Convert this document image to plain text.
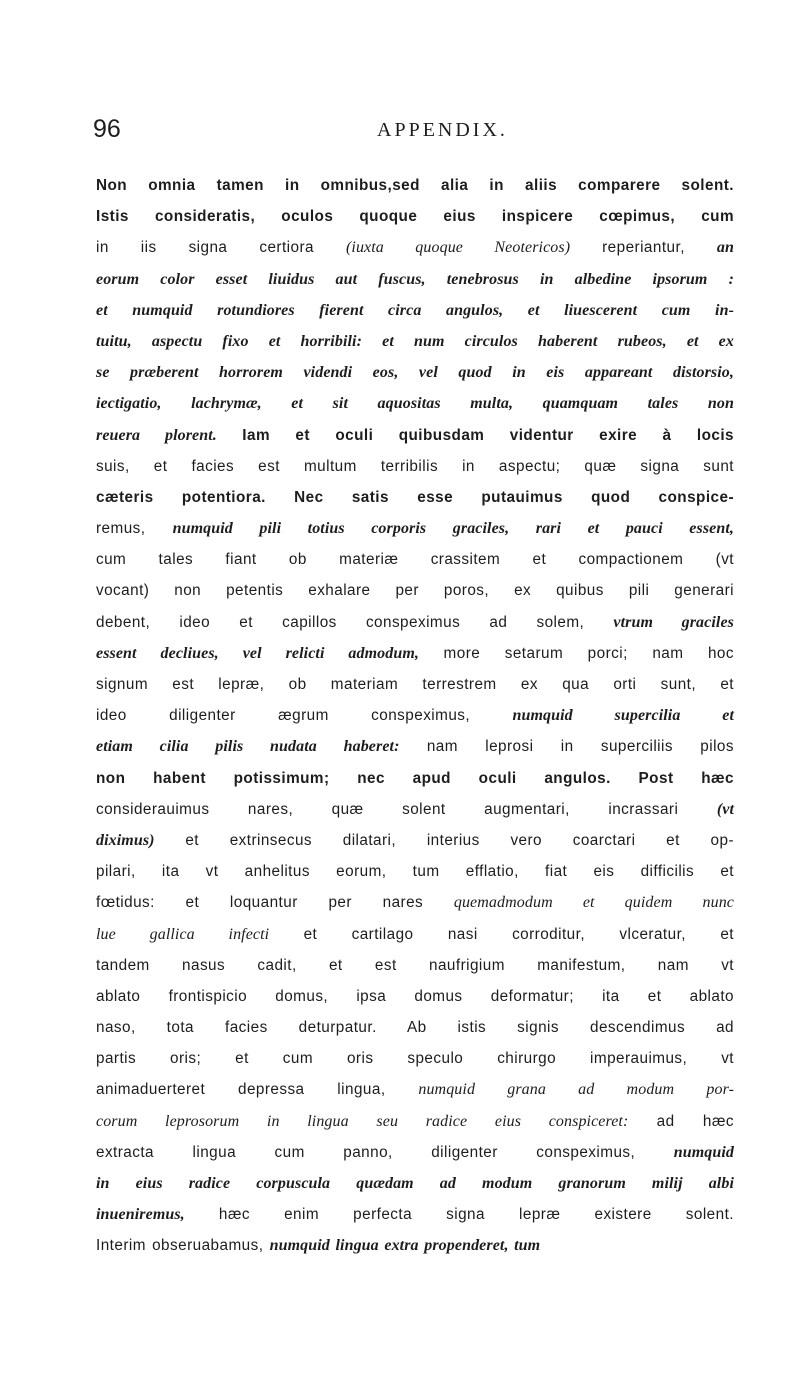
96	APPENDIX.
Non omnia tamen in omnibus,sed alia in aliis comparere solent.
Istis consideratis, oculos quoque eius inspicere cœpimus, cum
in iis signa certiora (iuxta quoque Neotericos) reperiantur, an
eorum color esset liuidus aut fuscus, tenebrosus in albedine ipsorum :
et numquid rotundiores fierent circa angulos, et liuescerent cum in-
tuitu, aspectu fixo et horribili: et num circulos haberent rubeos, et ex
se præberent horrorem videndi eos, vel quod in eis appareant distorsio,
iectigatio, lachrymæ, et sit aquositas multa, quamquam tales non
reuera plorent. Iam et oculi quibusdam videntur exire à locis
suis, et facies est multum terribilis in aspectu; quæ signa sunt
cæteris potentiora. Nec satis esse putauimus quod conspice-
remus, numquid pili totius corporis graciles, rari et pauci essent,
cum tales fiant ob materiæ crassitem et compactionem (vt
vocant) non petentis exhalare per poros, ex quibus pili generari
debent, ideo et capillos conspeximus ad solem, vtrum graciles
essent decliues, vel relicti admodum, more setarum porci; nam hoc
signum est lepræ, ob materiam terrestrem ex qua orti sunt, et
ideo diligenter ægrum conspeximus, numquid supercilia et
etiam cilia pilis nudata haberet: nam leprosi in superciliis pilos
non habent potissimum; nec apud oculi angulos. Post hæc
considerauimus nares, quæ solent augmentari, incrassari (vt
diximus) et extrinsecus dilatari, interius vero coarctari et op-
pilari, ita vt anhelitus eorum, tum efflatio, fiat eis difficilis et
fœtidus: et loquantur per nares quemadmodum et quidem nunc
lue gallica infecti et cartilago nasi corroditur, vlceratur, et
tandem nasus cadit, et est naufrigium manifestum, nam vt
ablato frontispicio domus, ipsa domus deformatur; ita et ablato
naso, tota facies deturpatur. Ab istis signis descendimus ad
partis oris; et cum oris speculo chirurgo imperauimus, vt
animaduerteret depressa lingua, numquid grana ad modum por-
corum leprosorum in lingua seu radice eius conspiceret: ad hæc
extracta lingua cum panno, diligenter conspeximus, numquid
in eius radice corpuscula quædam ad modum granorum milij albi
inueniremus, hæc enim perfecta signa lepræ existere solent.
Interim obseruabamus, numquid lingua extra propenderet, tum
